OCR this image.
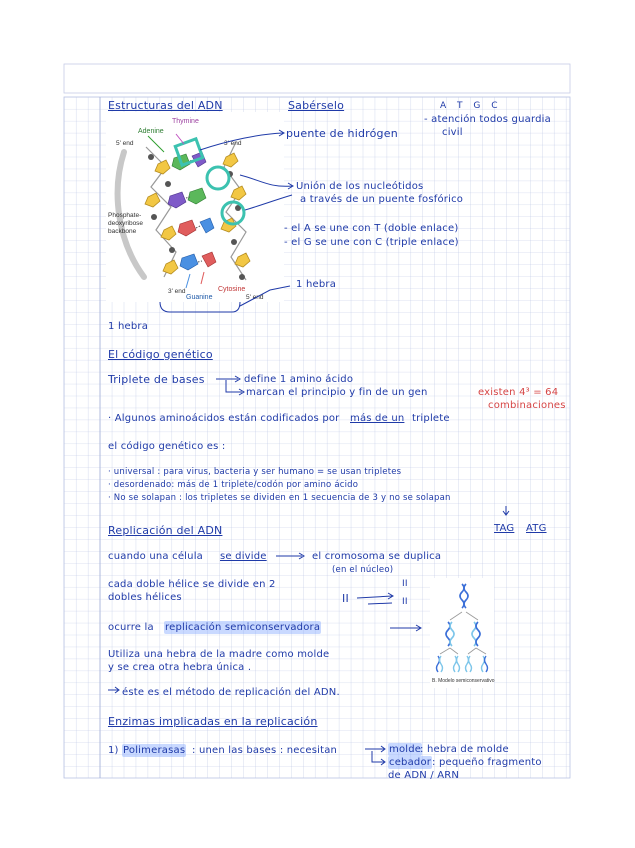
Thymine
Adenine
5' end	3' end
Phosphate-
deoxyribose
backbone
3' end	Cytosine
Guanine	5' end
B. Modelo semiconservativo
Estructuras del ADN	Sabérselo	A T G C
- atención todos guardia
civil
puente de hidrógen
Unión de los nucleótidos
a través de un puente fosfórico
- el A se une con T (doble enlace)
- el G se une con C (triple enlace)
1 hebra
1 hebra
El código genético
Triplete de bases	define 1 amino ácido
marcan el principio y fin de un gen	existen 4³ = 64
combinaciones
· Algunos aminoácidos están codificados por más de un triplete
el código genético es :
· universal : para virus, bacteria y ser humano = se usan tripletes
· desordenado: más de 1 triplete/codón por amino ácido
· No se solapan : los tripletes se dividen en 1 secuencia de 3 y no se solapan
TAG ATG
Replicación del ADN
cuando una célula se divide	el cromosoma se duplica
(en el núcleo)
cada doble hélice se divide en 2
dobles hélices	II
II
II
ocurre la replicación semiconservadora
Utiliza una hebra de la madre como molde
y se crea otra hebra única .
éste es el método de replicación del ADN.
Enzimas implicadas en la replicación
1) Polimerasas : unen las bases : necesitan	molde
: hebra de molde
cebador : pequeño fragmento
de ADN / ARN
